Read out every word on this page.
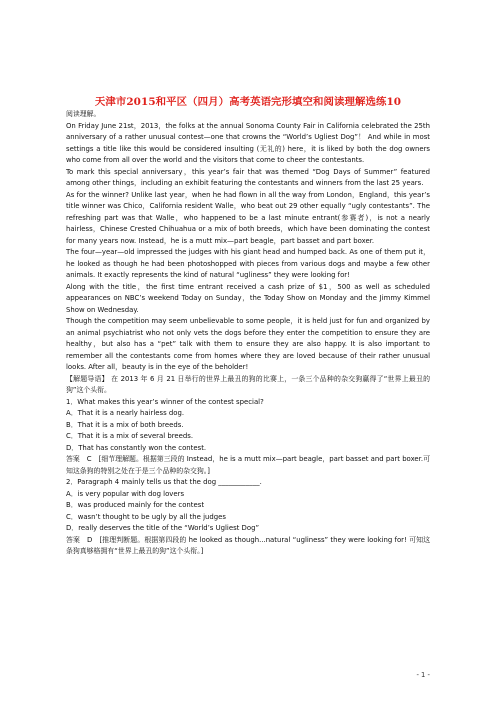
天津市2015和平区（四月）高考英语完形填空和阅读理解选练10

阅读理解。

On Friday June 21st，2013，the folks at the annual Sonoma County Fair in California celebrated the 25th anniversary of a rather unusual contest—one that crowns the “World’s Ugliest Dog”！ And while in most settings a title like this would be considered insulting (无礼的) here，it is liked by both the dog owners who come from all over the world and the visitors that come to cheer the contestants.

To mark this special anniversary，this year’s fair that was themed “Dog Days of Summer” featured among other things，including an exhibit featuring the contestants and winners from the last 25 years.

As for the winner? Unlike last year，when he had flown in all the way from London，England，this year’s title winner was Chico，California resident Walle，who beat out 29 other equally “ugly contestants”. The refreshing part was that Walle，who happened to be a last minute entrant(参赛者)，is not a nearly hairless，Chinese Crested Chihuahua or a mix of both breeds，which have been dominating the contest for many years now. Instead，he is a mutt mix—part beagle，part basset and part boxer.

The four—year—old impressed the judges with his giant head and humped back. As one of them put it，he looked as though he had been photoshopped with pieces from various dogs and maybe a few other animals. It exactly represents the kind of natural “ugliness” they were looking for!

Along with the title，the first time entrant received a cash prize of $1，500 as well as scheduled appearances on NBC’s weekend Today on Sunday，the Today Show on Monday and the Jimmy Kimmel Show on Wednesday.

Though the competition may seem unbelievable to some people，it is held just for fun and organized by an animal psychiatrist who not only vets the dogs before they enter the competition to ensure they are healthy，but also has a “pet” talk with them to ensure they are also happy. It is also important to remember all the contestants come from homes where they are loved because of their rather unusual looks. After all，beauty is in the eye of the beholder!

【解题导语】 在 2013 年 6 月 21 日举行的世界上最丑的狗的比赛上，一条三个品种的杂交狗赢得了“世界上最丑的狗”这个头衔。

1．What makes this year’s winner of the contest special?

A．That it is a nearly hairless dog.

B．That it is a mix of both breeds.

C．That it is a mix of several breeds.

D．That has constantly won the contest.

答案　C　[细节理解题。根据第三段的 Instead，he is a mutt mix—part beagle，part basset and part boxer.可知这条狗的特别之处在于是三个品种的杂交狗。]

2．Paragraph 4 mainly tells us that the dog ____________.

A．is very popular with dog lovers

B．was produced mainly for the contest

C．wasn’t thought to be ugly by all the judges

D．really deserves the title of the “World’s Ugliest Dog”

答案　D　[推理判断题。根据第四段的 he looked as though...natural “ugliness” they were looking for! 可知这条狗真够格拥有“世界上最丑的狗”这个头衔。]

- 1 -
